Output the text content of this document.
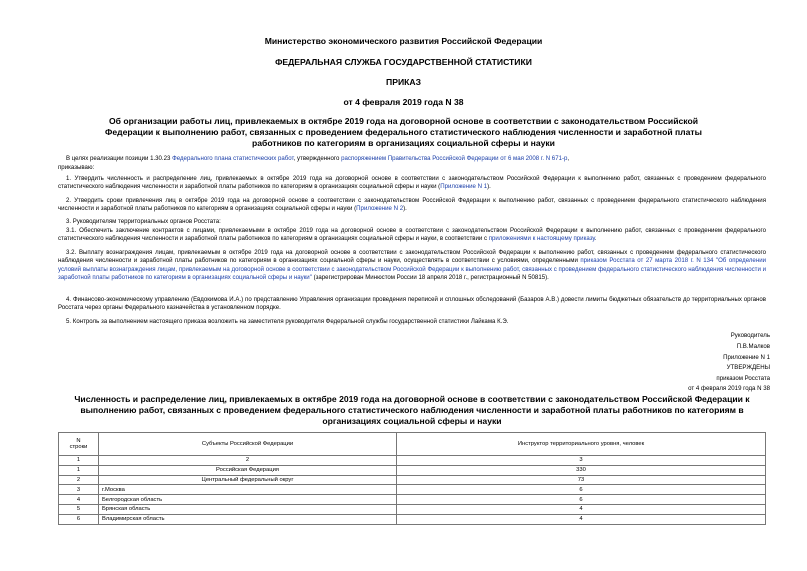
Министерство экономического развития Российской Федерации
ФЕДЕРАЛЬНАЯ СЛУЖБА ГОСУДАРСТВЕННОЙ СТАТИСТИКИ
ПРИКАЗ
от 4 февраля 2019 года N 38
Об организации работы лиц, привлекаемых в октябре 2019 года на договорной основе в соответствии с законодательством Российской Федерации к выполнению работ, связанных с проведением федерального статистического наблюдения численности и заработной платы работников по категориям в организациях социальной сферы и науки
В целях реализации позиции 1.30.23 Федерального плана статистических работ, утвержденного распоряжением Правительства Российской Федерации от 6 мая 2008 г. N 671-р,
приказываю:
1. Утвердить численность и распределение лиц, привлекаемых в октябре 2019 года на договорной основе в соответствии с законодательством Российской Федерации к выполнению работ, связанных с проведением федерального статистического наблюдения численности и заработной платы работников по категориям в организациях социальной сферы и науки (Приложение N 1).
2. Утвердить сроки привлечения лиц в октябре 2019 года на договорной основе в соответствии с законодательством Российской Федерации к выполнению работ, связанных с проведением федерального статистического наблюдения численности и заработной платы работников по категориям в организациях социальной сферы и науки (Приложение N 2).
3. Руководителям территориальных органов Росстата:
3.1. Обеспечить заключение контрактов с лицами, привлекаемыми в октябре 2019 года на договорной основе в соответствии с законодательством Российской Федерации к выполнению работ, связанных с проведением федерального статистического наблюдения численности и заработной платы работников по категориям в организациях социальной сферы и науки, в соответствии с приложениями к настоящему приказу.
3.2. Выплату вознаграждения лицам, привлекаемым в октябре 2019 года на договорной основе в соответствии с законодательством Российской Федерации к выполнению работ, связанных с проведением федерального статистического наблюдения численности и заработной платы работников по категориям в организациях социальной сферы и науки, осуществлять в соответствии с условиями, определенными приказом Росстата от 27 марта 2018 г. N 134 "Об определении условий выплаты вознаграждения лицам, привлекаемым на договорной основе в соответствии с законодательством Российской Федерации к выполнению работ, связанных с проведением федерального статистического наблюдения численности и заработной платы работников по категориям в организациях социальной сферы и науки" (зарегистрирован Минюстом России 18 апреля 2018 г., регистрационный N 50815).
4. Финансово-экономическому управлению (Евдокимова И.А.) по представлению Управления организации проведения переписей и сплошных обследований (Базаров А.В.) довести лимиты бюджетных обязательств до территориальных органов Росстата через органы Федерального казначейства в установленном порядке.
5. Контроль за выполнением настоящего приказа возложить на заместителя руководителя Федеральной службы государственной статистики Лайкама К.Э.
Руководитель
П.В.Малков
Приложение N 1
УТВЕРЖДЕНЫ
приказом Росстата
от 4 февраля 2019 года N 38
Численность и распределение лиц, привлекаемых в октябре 2019 года на договорной основе в соответствии с законодательством Российской Федерации к выполнению работ, связанных с проведением федерального статистического наблюдения численности и заработной платы работников по категориям в организациях социальной сферы и науки
N
строки	Субъекты Российской Федерации	Инструктор территориального уровня, человек
1	2	3
1	Российская Федерация	330
2	Центральный федеральный округ	73
3	г.Москва	6
4	Белгородская область	6
5	Брянская область	4
6	Владимирская область	4
